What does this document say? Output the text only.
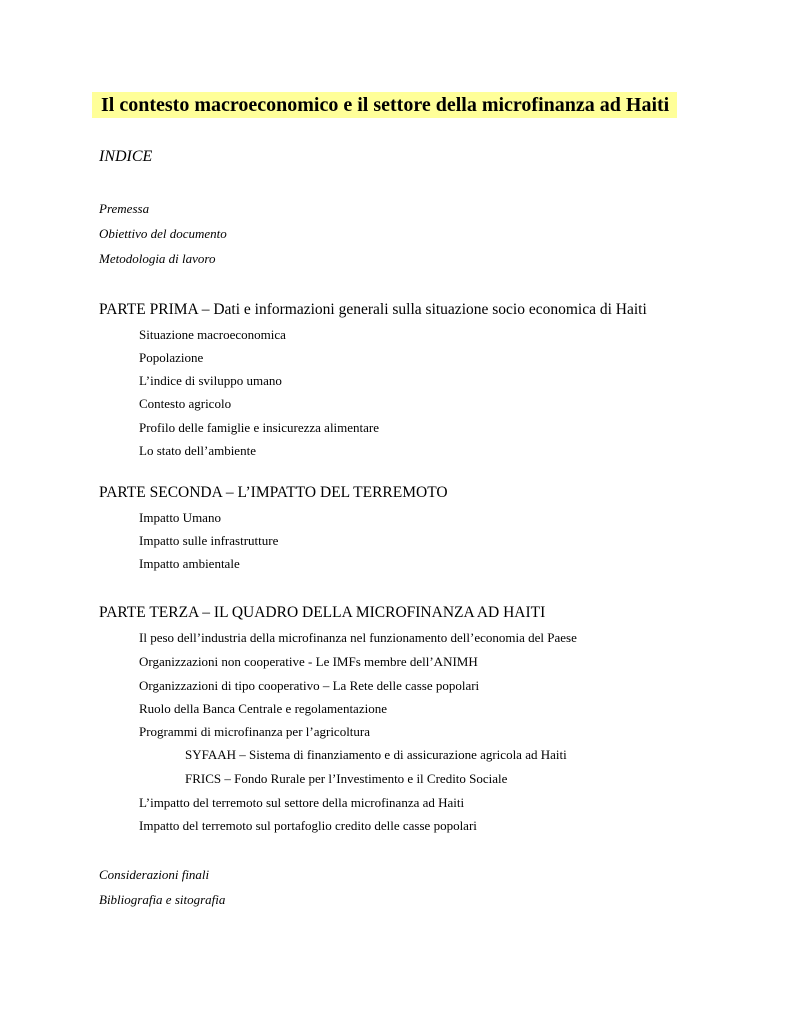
Il contesto macroeconomico e il settore della microfinanza ad Haiti
INDICE
Premessa
Obiettivo del documento
Metodologia di lavoro
PARTE PRIMA – Dati e informazioni generali sulla situazione socio economica di Haiti
Situazione macroeconomica
Popolazione
L’indice di sviluppo umano
Contesto agricolo
Profilo delle famiglie e insicurezza alimentare
Lo stato dell’ambiente
PARTE SECONDA – L’IMPATTO DEL TERREMOTO
Impatto Umano
Impatto sulle infrastrutture
Impatto ambientale
PARTE TERZA – IL QUADRO DELLA MICROFINANZA AD HAITI
Il peso dell’industria della microfinanza nel funzionamento dell’economia del Paese
Organizzazioni non cooperative - Le IMFs membre dell’ANIMH
Organizzazioni di tipo cooperativo – La Rete delle casse popolari
Ruolo della Banca Centrale e regolamentazione
Programmi di microfinanza per l’agricoltura
SYFAAH – Sistema di finanziamento e di assicurazione agricola ad Haiti
FRICS – Fondo Rurale per l’Investimento e il Credito Sociale
L’impatto del terremoto sul settore della microfinanza ad Haiti
Impatto del terremoto sul portafoglio credito delle casse popolari
Considerazioni finali
Bibliografia e sitografia
